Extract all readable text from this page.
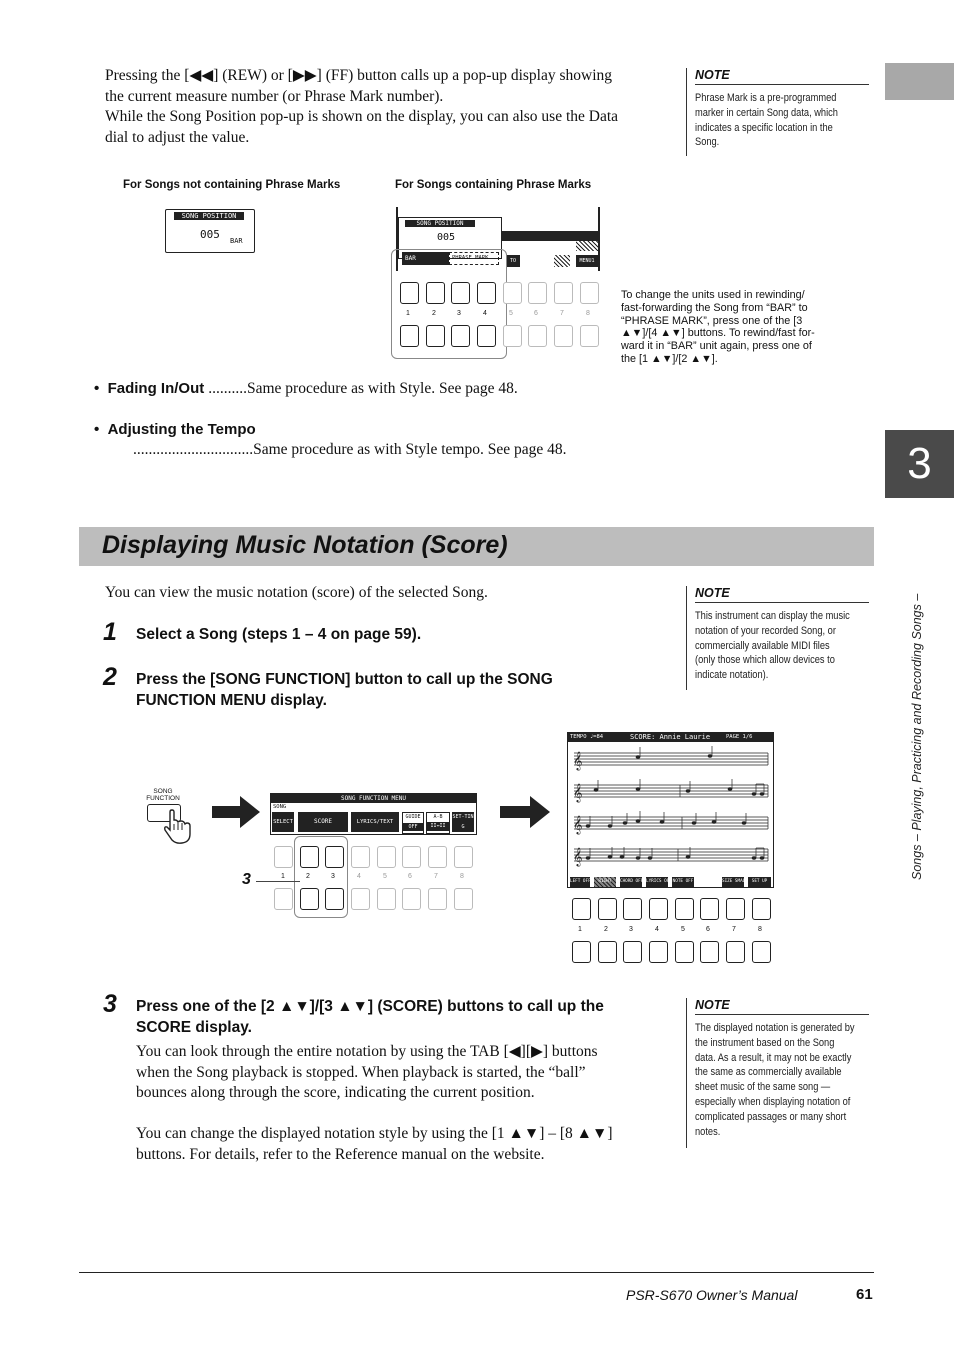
Pressing the [◀◀] (REW) or [▶▶] (FF) button calls up a pop-up display showing
the current measure number (or Phrase Mark number).
While the Song Position pop-up is shown on the display, you can also use the Data
dial to adjust the value.
NOTE
Phrase Mark is a pre-programmed
marker in certain Song data, which
indicates a specific location in the
Song.
3
Songs – Playing, Practicing and Recording Songs –
For Songs not containing Phrase Marks	For Songs containing Phrase Marks
SONG POSITION
005 BAR
SONG POSITION
005
BAR	PHRASE MARK	TO	MENU1
1	2	3	4	5	6	7	8
To change the units used in rewinding/
fast-forwarding the Song from “BAR” to
“PHRASE MARK”, press one of the [3
▲▼]/[4 ▲▼] buttons. To rewind/fast for-
ward it in “BAR” unit again, press one of
the [1 ▲▼]/[2 ▲▼].
•  Fading In/Out ..........Same procedure as with Style. See page 48.
•  Adjusting the Tempo
...............................Same procedure as with Style tempo. See page 48.
Displaying Music Notation (Score)
You can view the music notation (score) of the selected Song.	NOTE
This instrument can display the music
notation of your recorded Song, or
commercially available MIDI files
(only those which allow devices to
indicate notation).
1 Select a Song (steps 1 – 4 on page 59).
2 Press the [SONG FUNCTION] button to call up the SONG
FUNCTION MENU display.
SONG
FUNCTION	SONG FUNCTION MENU
SONG
SELECT	SCORE	LYRICS/TEXT
GUIDE
OFF
A-B
II↔II
SET-TING
1	2	3	4	5	6	7	8
3
TEMPO ♩=84	SCORE: Annie Laurie	PAGE 1/6
𝄞
𝄞
𝄞
𝄞
LEFT OFF	RIGHT	CHORD OFF LYRICS OFF NOTE OFF	SIZE SMALL SET UP
1	2	3	4	5	6	7	8
3 Press one of the [2 ▲▼]/[3 ▲▼] (SCORE) buttons to call up the
SCORE display.
You can look through the entire notation by using the TAB [◀][▶] buttons
when the Song playback is stopped. When playback is started, the “ball”
bounces along through the score, indicating the current position.
You can change the displayed notation style by using the [1 ▲▼] – [8 ▲▼]
buttons. For details, refer to the Reference manual on the website.
NOTE
The displayed notation is generated by
the instrument based on the Song
data. As a result, it may not be exactly
the same as commercially available
sheet music of the same song —
especially when displaying notation of
complicated passages or many short
notes.
PSR-S670 Owner’s Manual	61
